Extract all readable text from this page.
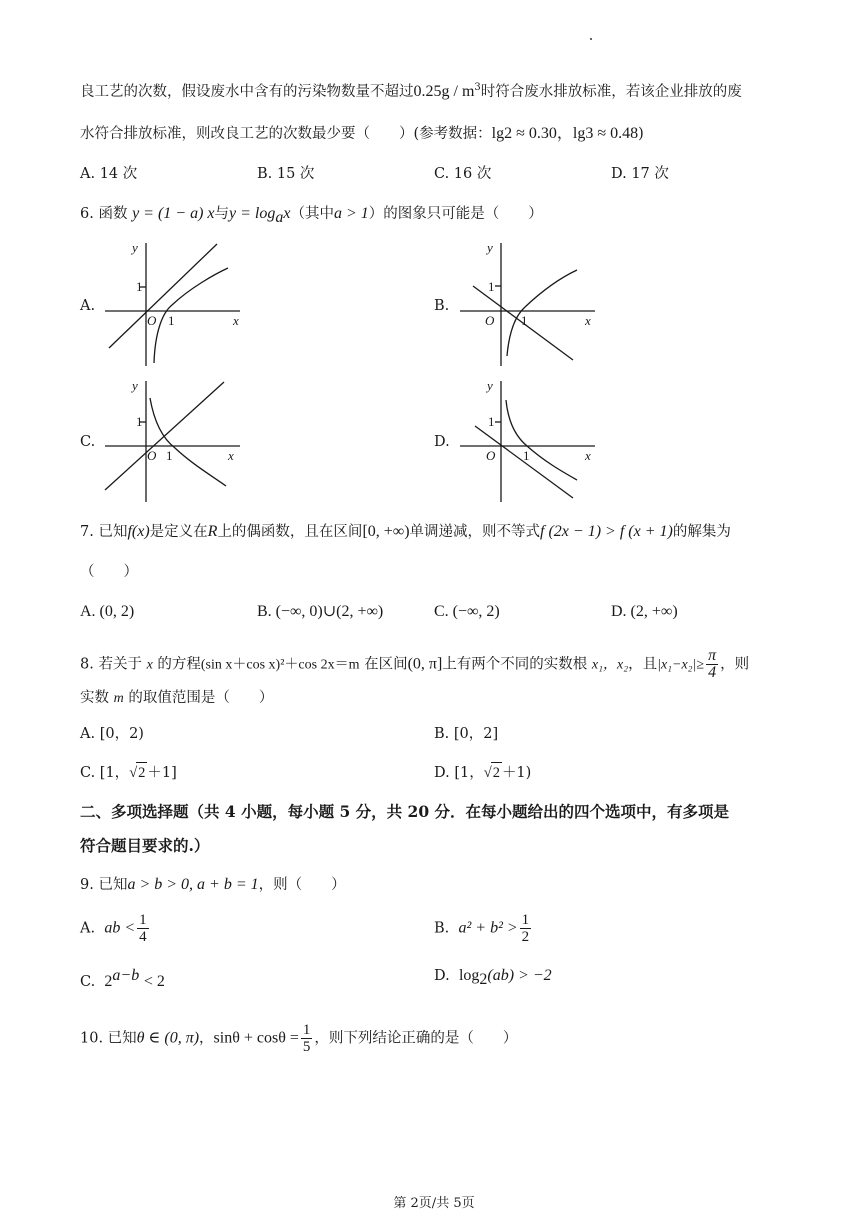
良工艺的次数，假设废水中含有的污染物数量不超过$0.25g / m^3$时符合废水排放标准，若该企业排放的废
水符合排放标准，则改良工艺的次数最少要（　　）(参考数据：lg2 ≈ 0.30，lg3 ≈ 0.48)
A. 14 次	B. 15 次	C. 16 次	D. 17 次
6. 函数 y = (1 − a) x与$y = \log_ax$（其中a > 1）的图象只可能是（　　）
A.	B.
C.	D.
y
x
1
O 1
y
x
1
O 1
y
x
1
O 1
y
x
1
O 1
7. 已知f(x)是定义在R上的偶函数，且在区间[0, +∞)单调递减，则不等式f (2x − 1) > f (x + 1)的解集为
（　　）
A. (0, 2)	B. (−∞, 0)∪(2, +∞)	C. (−∞, 2)	D. (2, +∞)
8. 若关于 x 的方程(sin x＋cos x)²＋cos 2x＝m 在区间(0, π]上有两个不同的实数根 x₁，x₂，且$|x_1-x_2|\ge \frac{\pi}{4}$ ，则
实数 m 的取值范围是（　　）
A. [0，2)	B. [0，2]
C. [1，√2 ＋1]	D. [1，√2 ＋1)
二、多项选择题（共 4 小题，每小题 5 分，共 20 分．在每小题给出的四个选项中，有多项是
符合题目要求的.）
9. 已知a > b > 0, a + b = 1，则（　　）
A. ab < $\frac{1}{4}$	B. $a^2 + b^2 > \frac{1}{2}$
C. $2^{a-b} < 2$	D. $\log_2(ab) > -2$
10. 已知θ ∈ (0, π)，$\sin\theta + \cos\theta = \frac{1}{5}$ ，则下列结论正确的是（　　）
第 2页/共 5页
